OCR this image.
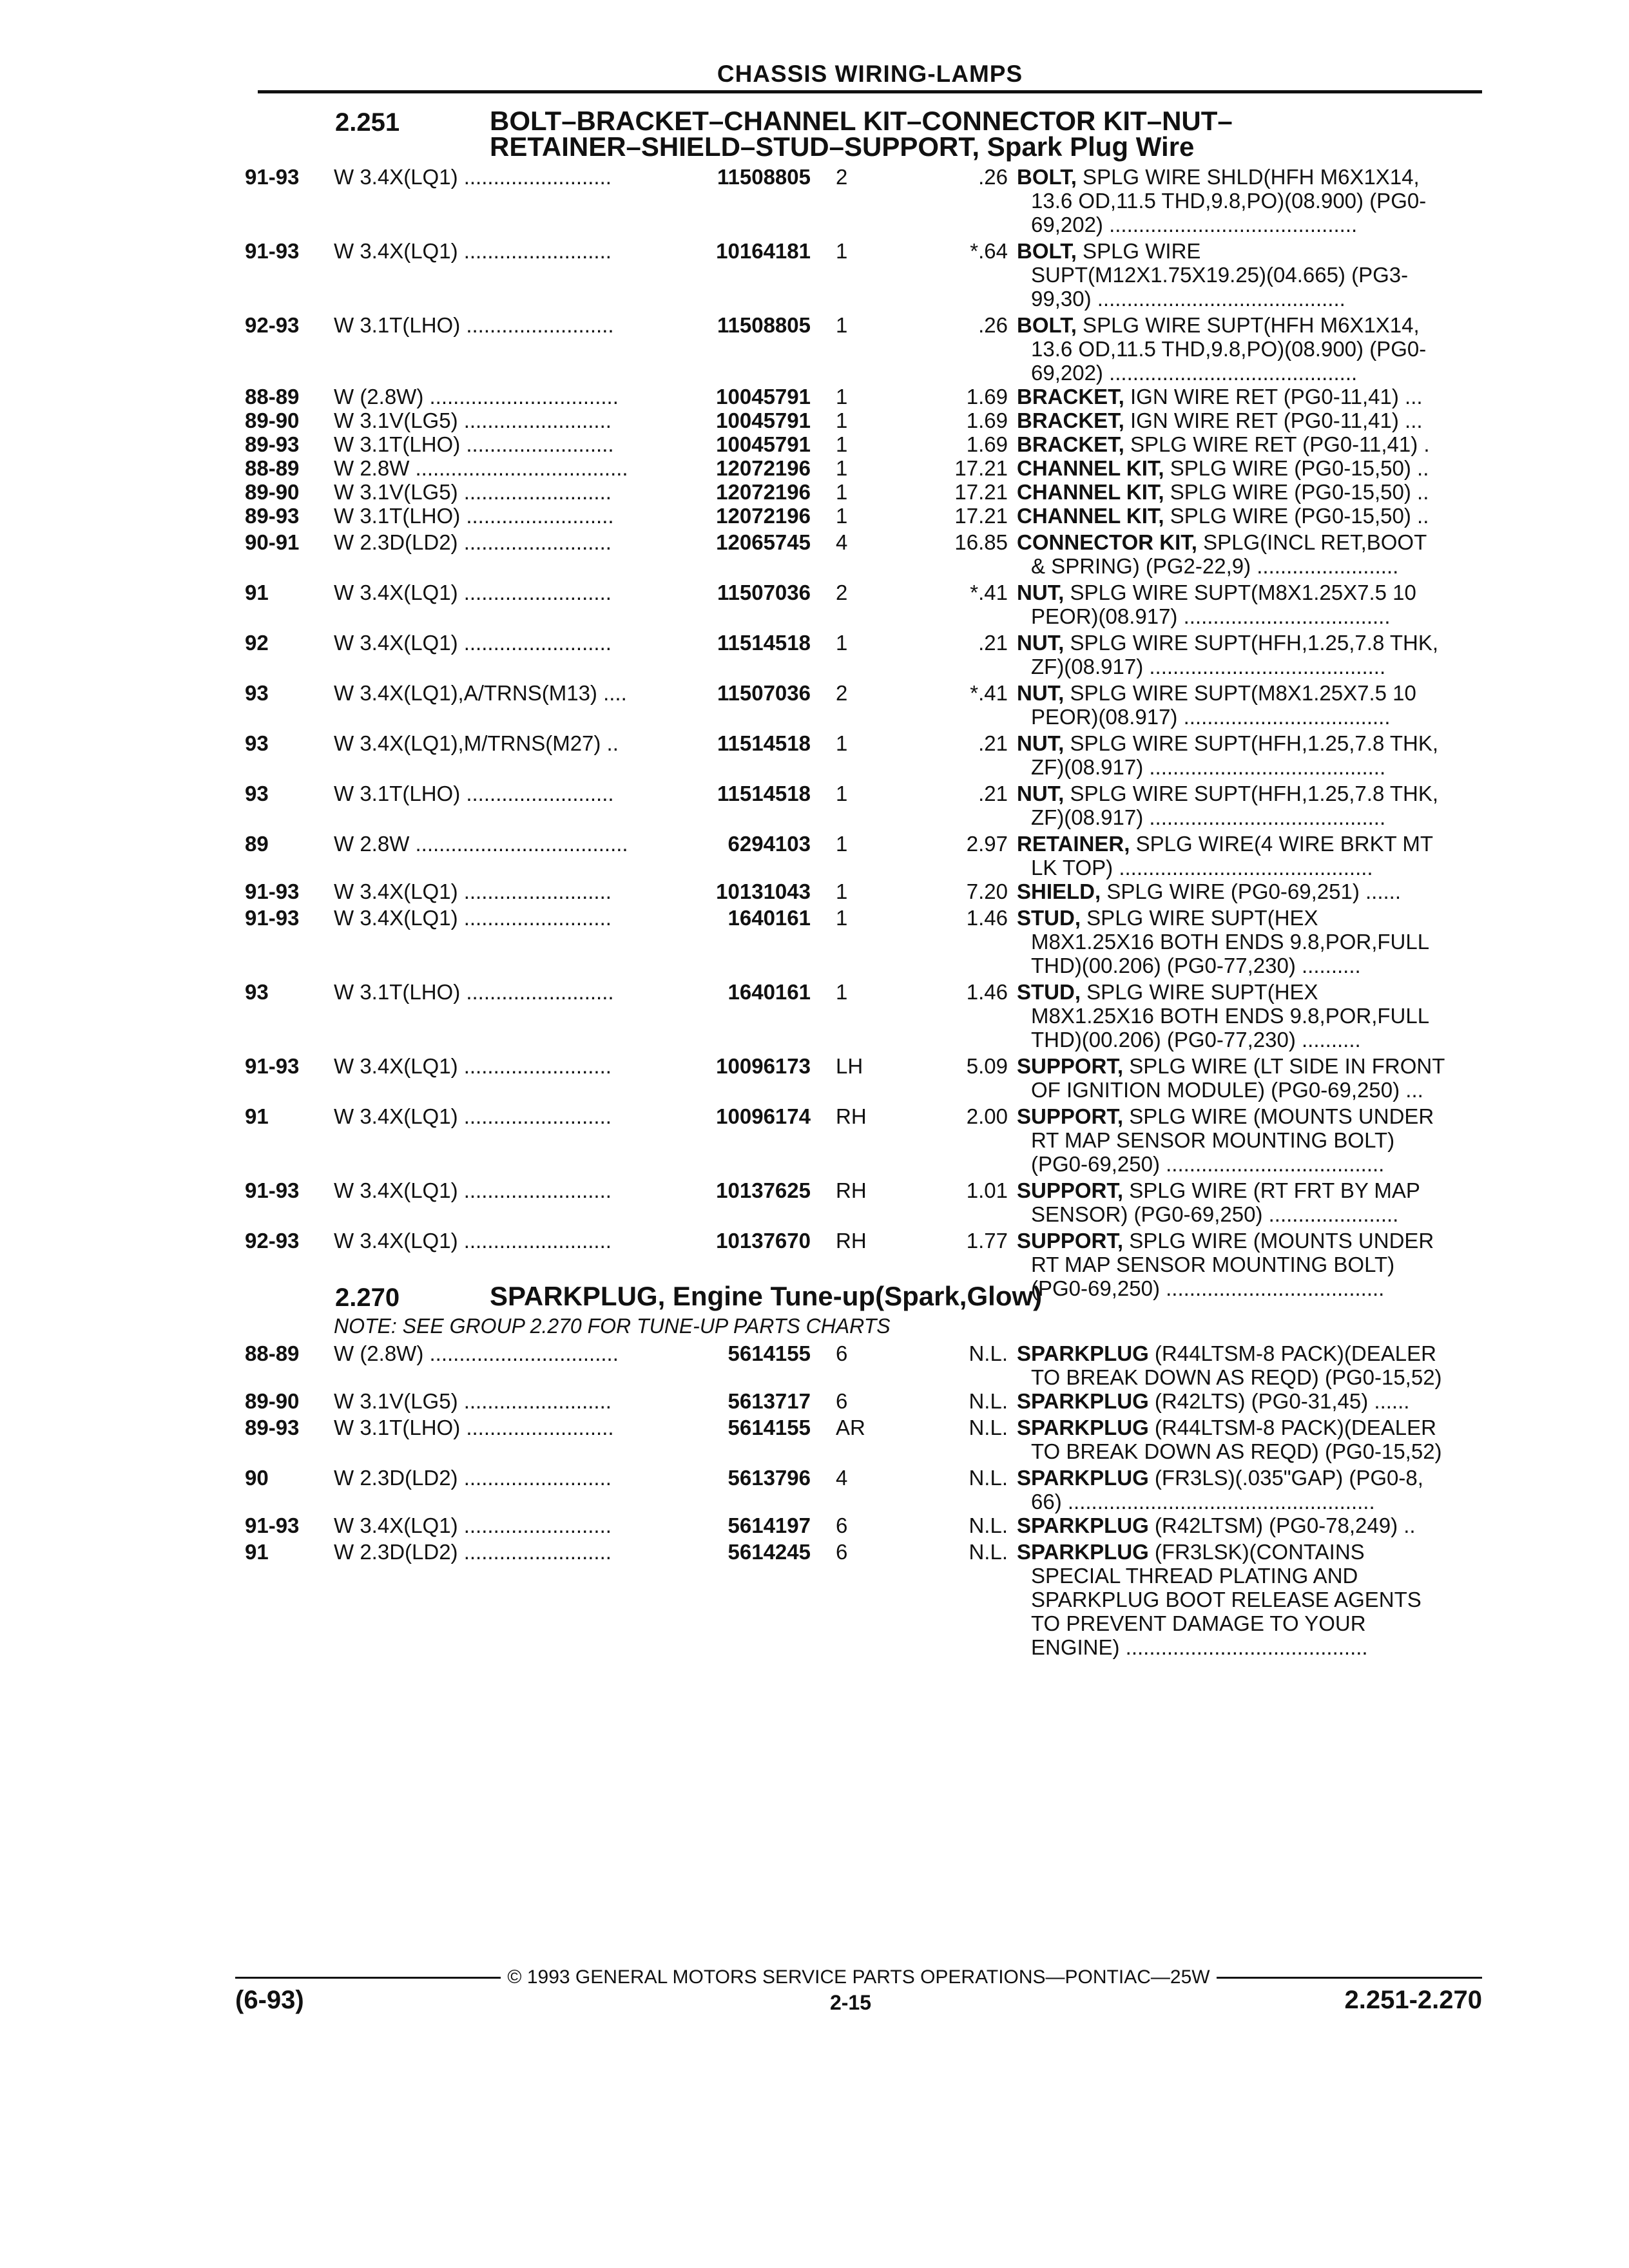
CHASSIS WIRING-LAMPS
2.251	BOLT–BRACKET–CHANNEL KIT–CONNECTOR KIT–NUT–
RETAINER–SHIELD–STUD–SUPPORT, Spark Plug Wire
91-93	W 3.4X(LQ1) .........................	11508805 2	.26 BOLT, SPLG WIRE SHLD(HFH M6X1X14,
13.6 OD,11.5 THD,9.8,PO)(08.900) (PG0-
69,202) ..........................................
91-93	W 3.4X(LQ1) .........................	10164181 1	*.64 BOLT, SPLG WIRE
SUPT(M12X1.75X19.25)(04.665) (PG3-
99,30) ..........................................
92-93	W 3.1T(LHO) .........................	11508805 1	.26 BOLT, SPLG WIRE SUPT(HFH M6X1X14,
13.6 OD,11.5 THD,9.8,PO)(08.900) (PG0-
69,202) ..........................................
88-89	W (2.8W) ................................	10045791 1	1.69 BRACKET, IGN WIRE RET (PG0-11,41) ...
89-90	W 3.1V(LG5) .........................	10045791 1	1.69 BRACKET, IGN WIRE RET (PG0-11,41) ...
89-93	W 3.1T(LHO) .........................	10045791 1	1.69 BRACKET, SPLG WIRE RET (PG0-11,41) .
88-89	W 2.8W ....................................	12072196 1	17.21 CHANNEL KIT, SPLG WIRE (PG0-15,50) ..
89-90	W 3.1V(LG5) .........................	12072196 1	17.21 CHANNEL KIT, SPLG WIRE (PG0-15,50) ..
89-93	W 3.1T(LHO) .........................	12072196 1	17.21 CHANNEL KIT, SPLG WIRE (PG0-15,50) ..
90-91	W 2.3D(LD2) .........................	12065745 4	16.85 CONNECTOR KIT, SPLG(INCL RET,BOOT
& SPRING) (PG2-22,9) ........................
91	W 3.4X(LQ1) .........................	11507036 2	*.41 NUT, SPLG WIRE SUPT(M8X1.25X7.5 10
PEOR)(08.917) ...................................
92	W 3.4X(LQ1) .........................	11514518 1	.21 NUT, SPLG WIRE SUPT(HFH,1.25,7.8 THK,
ZF)(08.917) ........................................
93	W 3.4X(LQ1),A/TRNS(M13) ....	11507036 2	*.41 NUT, SPLG WIRE SUPT(M8X1.25X7.5 10
PEOR)(08.917) ...................................
93	W 3.4X(LQ1),M/TRNS(M27) ..	11514518 1	.21 NUT, SPLG WIRE SUPT(HFH,1.25,7.8 THK,
ZF)(08.917) ........................................
93	W 3.1T(LHO) .........................	11514518 1	.21 NUT, SPLG WIRE SUPT(HFH,1.25,7.8 THK,
ZF)(08.917) ........................................
89	W 2.8W ....................................	6294103 1	2.97 RETAINER, SPLG WIRE(4 WIRE BRKT MT
LK TOP) ...........................................
91-93	W 3.4X(LQ1) .........................	10131043 1	7.20 SHIELD, SPLG WIRE (PG0-69,251) ......
91-93	W 3.4X(LQ1) .........................	1640161 1	1.46 STUD, SPLG WIRE SUPT(HEX
M8X1.25X16 BOTH ENDS 9.8,POR,FULL
THD)(00.206) (PG0-77,230) ..........
93	W 3.1T(LHO) .........................	1640161 1	1.46 STUD, SPLG WIRE SUPT(HEX
M8X1.25X16 BOTH ENDS 9.8,POR,FULL
THD)(00.206) (PG0-77,230) ..........
91-93	W 3.4X(LQ1) .........................	10096173 LH	5.09 SUPPORT, SPLG WIRE (LT SIDE IN FRONT
OF IGNITION MODULE) (PG0-69,250) ...
91	W 3.4X(LQ1) .........................	10096174 RH	2.00 SUPPORT, SPLG WIRE (MOUNTS UNDER
RT MAP SENSOR MOUNTING BOLT)
(PG0-69,250) .....................................
91-93	W 3.4X(LQ1) .........................	10137625 RH	1.01 SUPPORT, SPLG WIRE (RT FRT BY MAP
SENSOR) (PG0-69,250) ......................
92-93	W 3.4X(LQ1) .........................	10137670 RH	1.77 SUPPORT, SPLG WIRE (MOUNTS UNDER
RT MAP SENSOR MOUNTING BOLT)
(PG0-69,250) .....................................
2.270	SPARKPLUG, Engine Tune-up(Spark,Glow)
NOTE: SEE GROUP 2.270 FOR TUNE-UP PARTS CHARTS
88-89	W (2.8W) ................................	5614155 6	N.L. SPARKPLUG (R44LTSM-8 PACK)(DEALER
TO BREAK DOWN AS REQD) (PG0-15,52)
89-90	W 3.1V(LG5) .........................	5613717 6	N.L. SPARKPLUG (R42LTS) (PG0-31,45) ......
89-93	W 3.1T(LHO) .........................	5614155 AR	N.L. SPARKPLUG (R44LTSM-8 PACK)(DEALER
TO BREAK DOWN AS REQD) (PG0-15,52)
90	W 2.3D(LD2) .........................	5613796 4	N.L. SPARKPLUG (FR3LS)(.035"GAP) (PG0-8,
66) ....................................................
91-93	W 3.4X(LQ1) .........................	5614197 6	N.L. SPARKPLUG (R42LTSM) (PG0-78,249) ..
91	W 2.3D(LD2) .........................	5614245 6	N.L. SPARKPLUG (FR3LSK)(CONTAINS
SPECIAL THREAD PLATING AND
SPARKPLUG BOOT RELEASE AGENTS
TO PREVENT DAMAGE TO YOUR
ENGINE) .........................................
© 1993 GENERAL MOTORS SERVICE PARTS OPERATIONS—PONTIAC—25W
(6-93)	2-15	2.251-2.270
